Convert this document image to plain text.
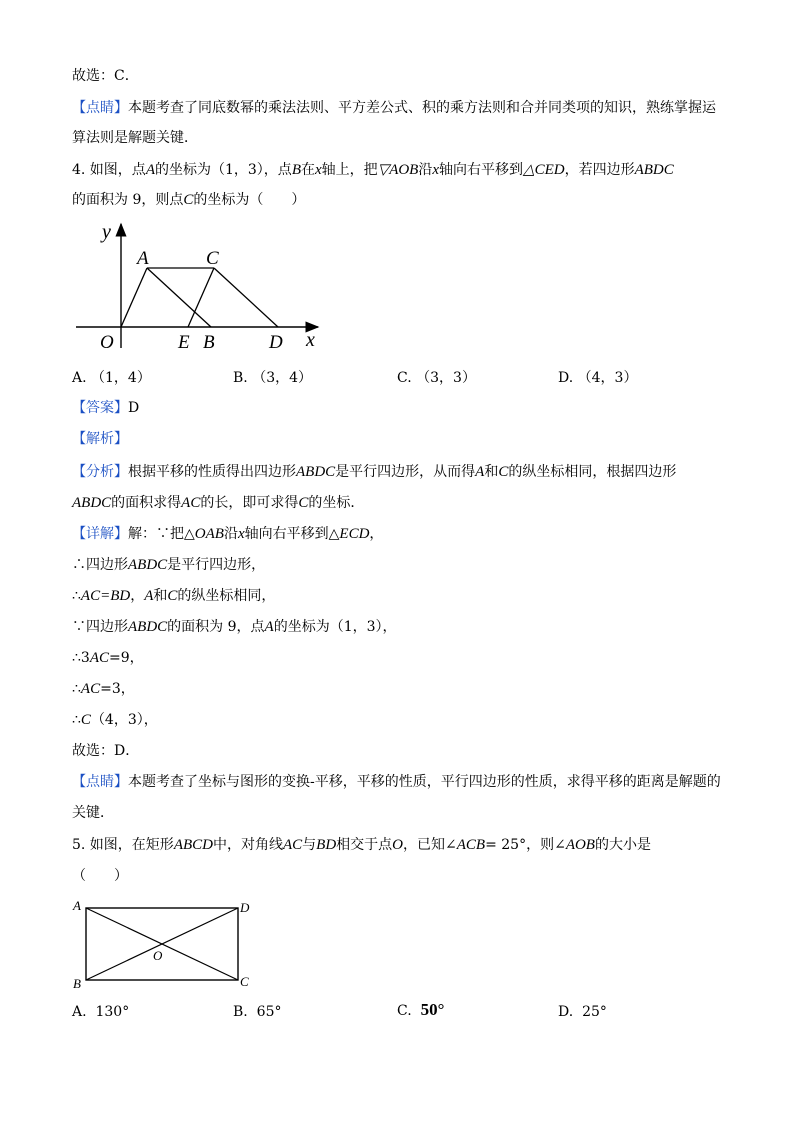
故选：C．
【点睛】本题考查了同底数幂的乘法法则、平方差公式、积的乘方法则和合并同类项的知识，熟练掌握运
算法则是解题关键．
4. 如图，点A的坐标为（1，3），点B在x轴上，把▽AOB沿x轴向右平移到△CED，若四边形ABDC
的面积为 9，则点C的坐标为（　　）
y
A	C
O	E B	D x
A. （1，4）	B. （3，4）	C. （3，3）	D. （4，3）
【答案】D
【解析】
【分析】根据平移的性质得出四边形ABDC是平行四边形，从而得A和C的纵坐标相同，根据四边形
ABDC的面积求得AC的长，即可求得C的坐标．
【详解】解：∵把△OAB沿x轴向右平移到△ECD，
∴四边形ABDC是平行四边形，
∴AC=BD，A和C的纵坐标相同，
∵四边形ABDC的面积为 9，点A的坐标为（1，3），
∴3AC=9，
∴AC=3，
∴C（4，3），
故选：D．
【点睛】本题考查了坐标与图形的变换-平移，平移的性质，平行四边形的性质，求得平移的距离是解题的
关键．
5. 如图，在矩形ABCD中，对角线AC与BD相交于点O，已知∠ACB= 25°，则∠AOB的大小是
（　　）
A	D
O
B	C
A. 130°	B. 65°	C. 50°	D. 25°
